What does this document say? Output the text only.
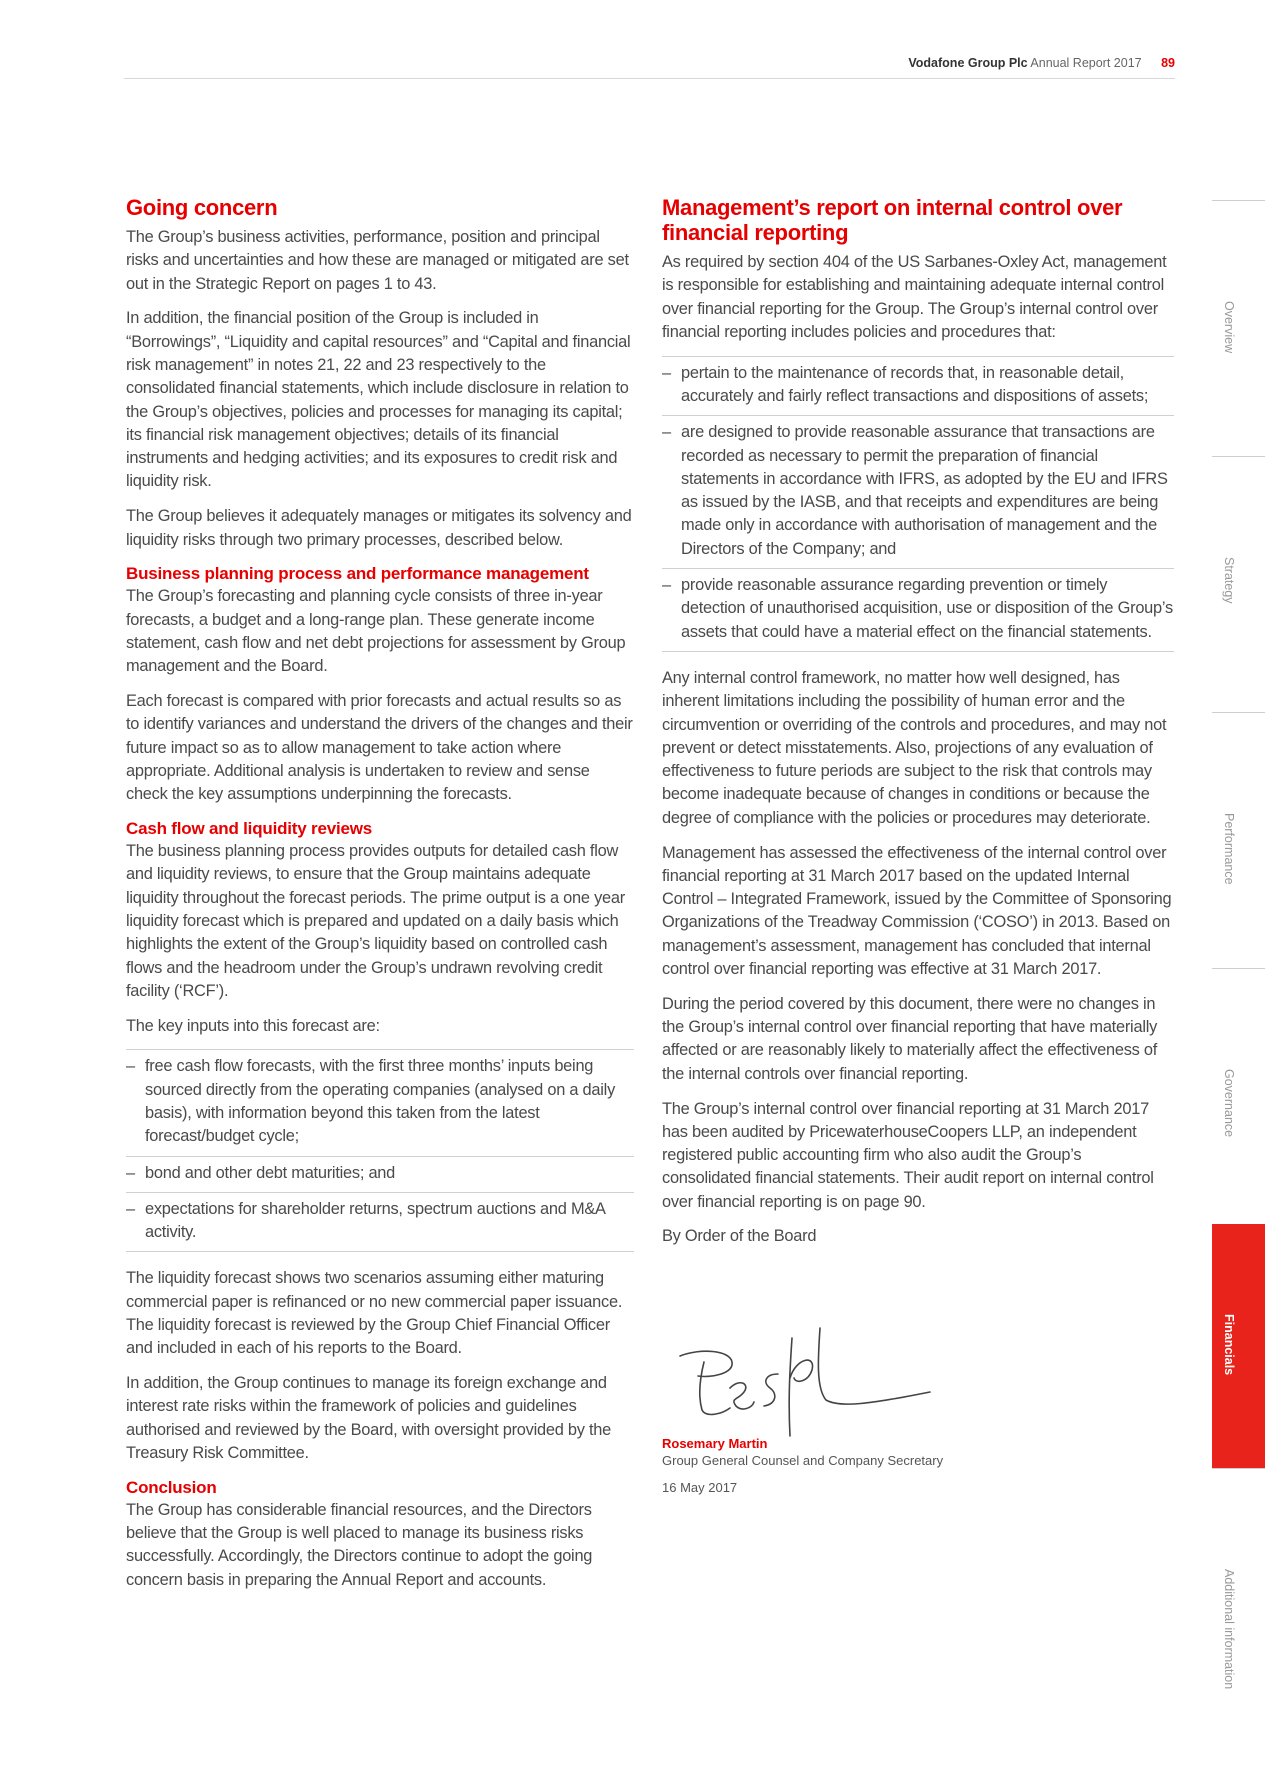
Vodafone Group Plc Annual Report 2017 89
Going concern

The Group’s business activities, performance, position and principal risks and uncertainties and how these are managed or mitigated are set out in the Strategic Report on pages 1 to 43.

In addition, the financial position of the Group is included in “Borrowings”, “Liquidity and capital resources” and “Capital and financial risk management” in notes 21, 22 and 23 respectively to the consolidated financial statements, which include disclosure in relation to the Group’s objectives, policies and processes for managing its capital; its financial risk management objectives; details of its financial instruments and hedging activities; and its exposures to credit risk and liquidity risk.

The Group believes it adequately manages or mitigates its solvency and liquidity risks through two primary processes, described below.

Business planning process and performance management

The Group’s forecasting and planning cycle consists of three in-year forecasts, a budget and a long-range plan. These generate income statement, cash flow and net debt projections for assessment by Group management and the Board.

Each forecast is compared with prior forecasts and actual results so as to identify variances and understand the drivers of the changes and their future impact so as to allow management to take action where appropriate. Additional analysis is undertaken to review and sense check the key assumptions underpinning the forecasts.

Cash flow and liquidity reviews

The business planning process provides outputs for detailed cash flow and liquidity reviews, to ensure that the Group maintains adequate liquidity throughout the forecast periods. The prime output is a one year liquidity forecast which is prepared and updated on a daily basis which highlights the extent of the Group’s liquidity based on controlled cash flows and the headroom under the Group’s undrawn revolving credit facility (‘RCF’).

The key inputs into this forecast are:

– free cash flow forecasts, with the first three months’ inputs being sourced directly from the operating companies (analysed on a daily basis), with information beyond this taken from the latest forecast/budget cycle;
– bond and other debt maturities; and
– expectations for shareholder returns, spectrum auctions and M&A activity.

The liquidity forecast shows two scenarios assuming either maturing commercial paper is refinanced or no new commercial paper issuance. The liquidity forecast is reviewed by the Group Chief Financial Officer and included in each of his reports to the Board.

In addition, the Group continues to manage its foreign exchange and interest rate risks within the framework of policies and guidelines authorised and reviewed by the Board, with oversight provided by the Treasury Risk Committee.

Conclusion

The Group has considerable financial resources, and the Directors believe that the Group is well placed to manage its business risks successfully. Accordingly, the Directors continue to adopt the going concern basis in preparing the Annual Report and accounts.

Management’s report on internal control over financial reporting

As required by section 404 of the US Sarbanes-Oxley Act, management is responsible for establishing and maintaining adequate internal control over financial reporting for the Group. The Group’s internal control over financial reporting includes policies and procedures that:

– pertain to the maintenance of records that, in reasonable detail, accurately and fairly reflect transactions and dispositions of assets;
– are designed to provide reasonable assurance that transactions are recorded as necessary to permit the preparation of financial statements in accordance with IFRS, as adopted by the EU and IFRS as issued by the IASB, and that receipts and expenditures are being made only in accordance with authorisation of management and the Directors of the Company; and
– provide reasonable assurance regarding prevention or timely detection of unauthorised acquisition, use or disposition of the Group’s assets that could have a material effect on the financial statements.

Any internal control framework, no matter how well designed, has inherent limitations including the possibility of human error and the circumvention or overriding of the controls and procedures, and may not prevent or detect misstatements. Also, projections of any evaluation of effectiveness to future periods are subject to the risk that controls may become inadequate because of changes in conditions or because the degree of compliance with the policies or procedures may deteriorate.

Management has assessed the effectiveness of the internal control over financial reporting at 31 March 2017 based on the updated Internal Control – Integrated Framework, issued by the Committee of Sponsoring Organizations of the Treadway Commission (‘COSO’) in 2013. Based on management’s assessment, management has concluded that internal control over financial reporting was effective at 31 March 2017.

During the period covered by this document, there were no changes in the Group’s internal control over financial reporting that have materially affected or are reasonably likely to materially affect the effectiveness of the internal controls over financial reporting.

The Group’s internal control over financial reporting at 31 March 2017 has been audited by PricewaterhouseCoopers LLP, an independent registered public accounting firm who also audit the Group’s consolidated financial statements. Their audit report on internal control over financial reporting is on page 90.

By Order of the Board

Rosemary Martin
Group General Counsel and Company Secretary
16 May 2017
Overview
Strategy
Performance
Governance
Financials
Additional information
